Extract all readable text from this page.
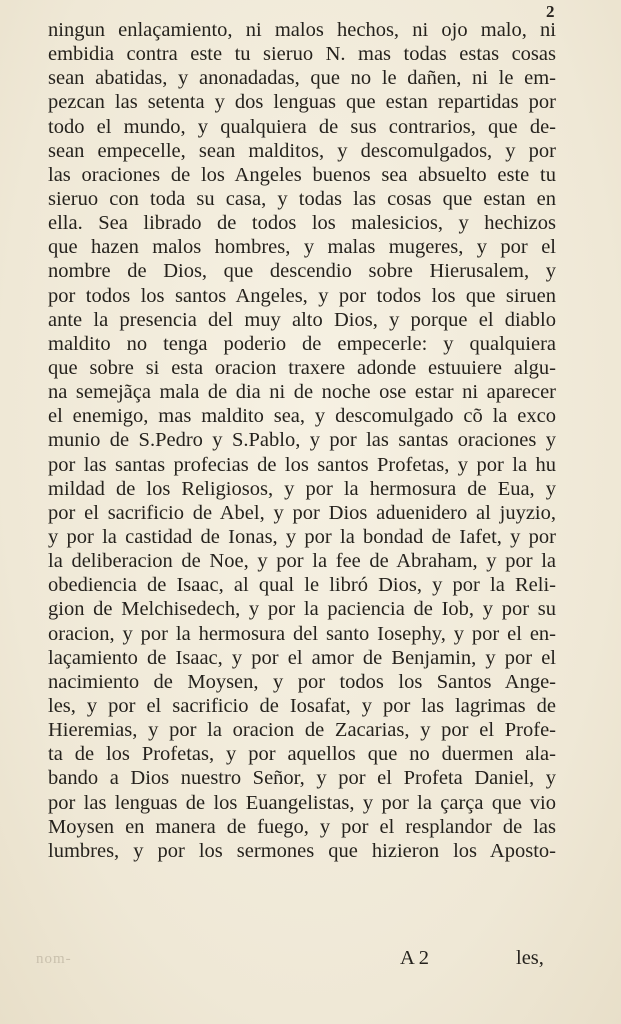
2
ningun enlaçamiento, ni malos hechos, ni ojo malo, ni
embidia contra este tu sieruo N. mas todas estas cosas
sean abatidas, y anonadadas, que no le dañen, ni le em-
pezcan las setenta y dos lenguas que estan repartidas por
todo el mundo, y qualquiera de sus contrarios, que de-
sean empecelle, sean malditos, y descomulgados, y por
las oraciones de los Angeles buenos sea absuelto este tu
sieruo con toda su casa, y todas las cosas que estan en
ella. Sea librado de todos los malesicios, y hechizos
que hazen malos hombres, y malas mugeres, y por el
nombre de Dios, que descendio sobre Hierusalem, y
por todos los santos Angeles, y por todos los que siruen
ante la presencia del muy alto Dios, y porque el diablo
maldito no tenga poderio de empecerle: y qualquiera
que sobre si esta oracion traxere adonde estuuiere algu-
na semejãça mala de dia ni de noche ose estar ni aparecer
el enemigo, mas maldito sea, y descomulgado cõ la exco
munio de S.Pedro y S.Pablo, y por las santas oraciones y
por las santas profecias de los santos Profetas, y por la hu
mildad de los Religiosos, y por la hermosura de Eua, y
por el sacrificio de Abel, y por Dios aduenidero al juyzio,
y por la castidad de Ionas, y por la bondad de Iafet, y por
la deliberacion de Noe, y por la fee de Abraham, y por la
obediencia de Isaac, al qual le libró Dios, y por la Reli-
gion de Melchisedech, y por la paciencia de Iob, y por su
oracion, y por la hermosura del santo Iosephy, y por el en-
laçamiento de Isaac, y por el amor de Benjamin, y por el
nacimiento de Moysen, y por todos los Santos Ange-
les, y por el sacrificio de Iosafat, y por las lagrimas de
Hieremias, y por la oracion de Zacarias, y por el Profe-
ta de los Profetas, y por aquellos que no duermen ala-
bando a Dios nuestro Señor, y por el Profeta Daniel, y
por las lenguas de los Euangelistas, y por la çarça que vio
Moysen en manera de fuego, y por el resplandor de las
lumbres, y por los sermones que hizieron los Apostо-
nom-	A 2	les,
